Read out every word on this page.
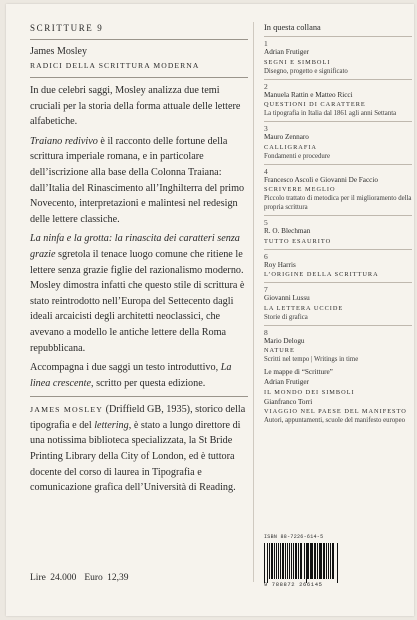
SCRITTURE 9
James Mosley
RADICI DELLA SCRITTURA MODERNA

In due celebri saggi, Mosley analizza due temi cruciali per la storia della forma attuale delle lettere alfabetiche.

Traiano redivivo è il racconto delle fortune della scrittura imperiale romana, e in particolare dell’iscrizione alla base della Colonna Traiana: dall’Italia del Rinascimento all’Inghilterra del primo Novecento, interpretazioni e malintesi nel redesign delle lettere classiche.

La ninfa e la grotta: la rinascita dei caratteri senza grazie sgretola il tenace luogo comune che ritiene le lettere senza grazie figlie del razionalismo moderno.

Mosley dimostra infatti che questo stile di scrittura è stato reintrodotto nell’Europa del Settecento dagli ideali arcaicisti degli architetti neoclassici, che avevano a modello le antiche lettere della Roma repubblicana.

Accompagna i due saggi un testo introduttivo, La linea crescente, scritto per questa edizione.

JAMES MOSLEY (Driffield GB, 1935), storico della tipografia e del lettering, è stato a lungo direttore di una notissima biblioteca specializzata, la St Bride Printing Library della City of London, ed è tuttora docente del corso di laurea in Tipografia e comunicazione grafica dell’Università di Reading.
Lire 24.000 Euro 12,39
In questa collana
1
Adrian Frutiger
SEGNI E SIMBOLI
Disegno, progetto e significato
2
Manuela Rattin e Matteo Ricci
QUESTIONI DI CARATTERE
La tipografia in Italia dal 1861 agli anni Settanta
3
Mauro Zennaro
CALLIGRAFIA
Fondamenti e procedure
4
Francesco Ascoli e Giovanni De Faccio
SCRIVERE MEGLIO
Piccolo trattato di metodica per il miglioramento della propria scrittura
5
R. O. Blechman
TUTTO ESAURITO
6
Roy Harris
L’ORIGINE DELLA SCRITTURA
7
Giovanni Lussu
LA LETTERA UCCIDE
Storie di grafica
8
Mario Delogu
NATURE
Scritti nel tempo | Writings in time
Le mappe di “Scritture”
Adrian Frutiger
IL MONDO DEI SIMBOLI
Gianfranco Torri
VIAGGIO NEL PAESE DEL MANIFESTO
Autori, appuntamenti, scuole del manifesto europeo
ISBN 88-7226-614-5
9 788872 266145
